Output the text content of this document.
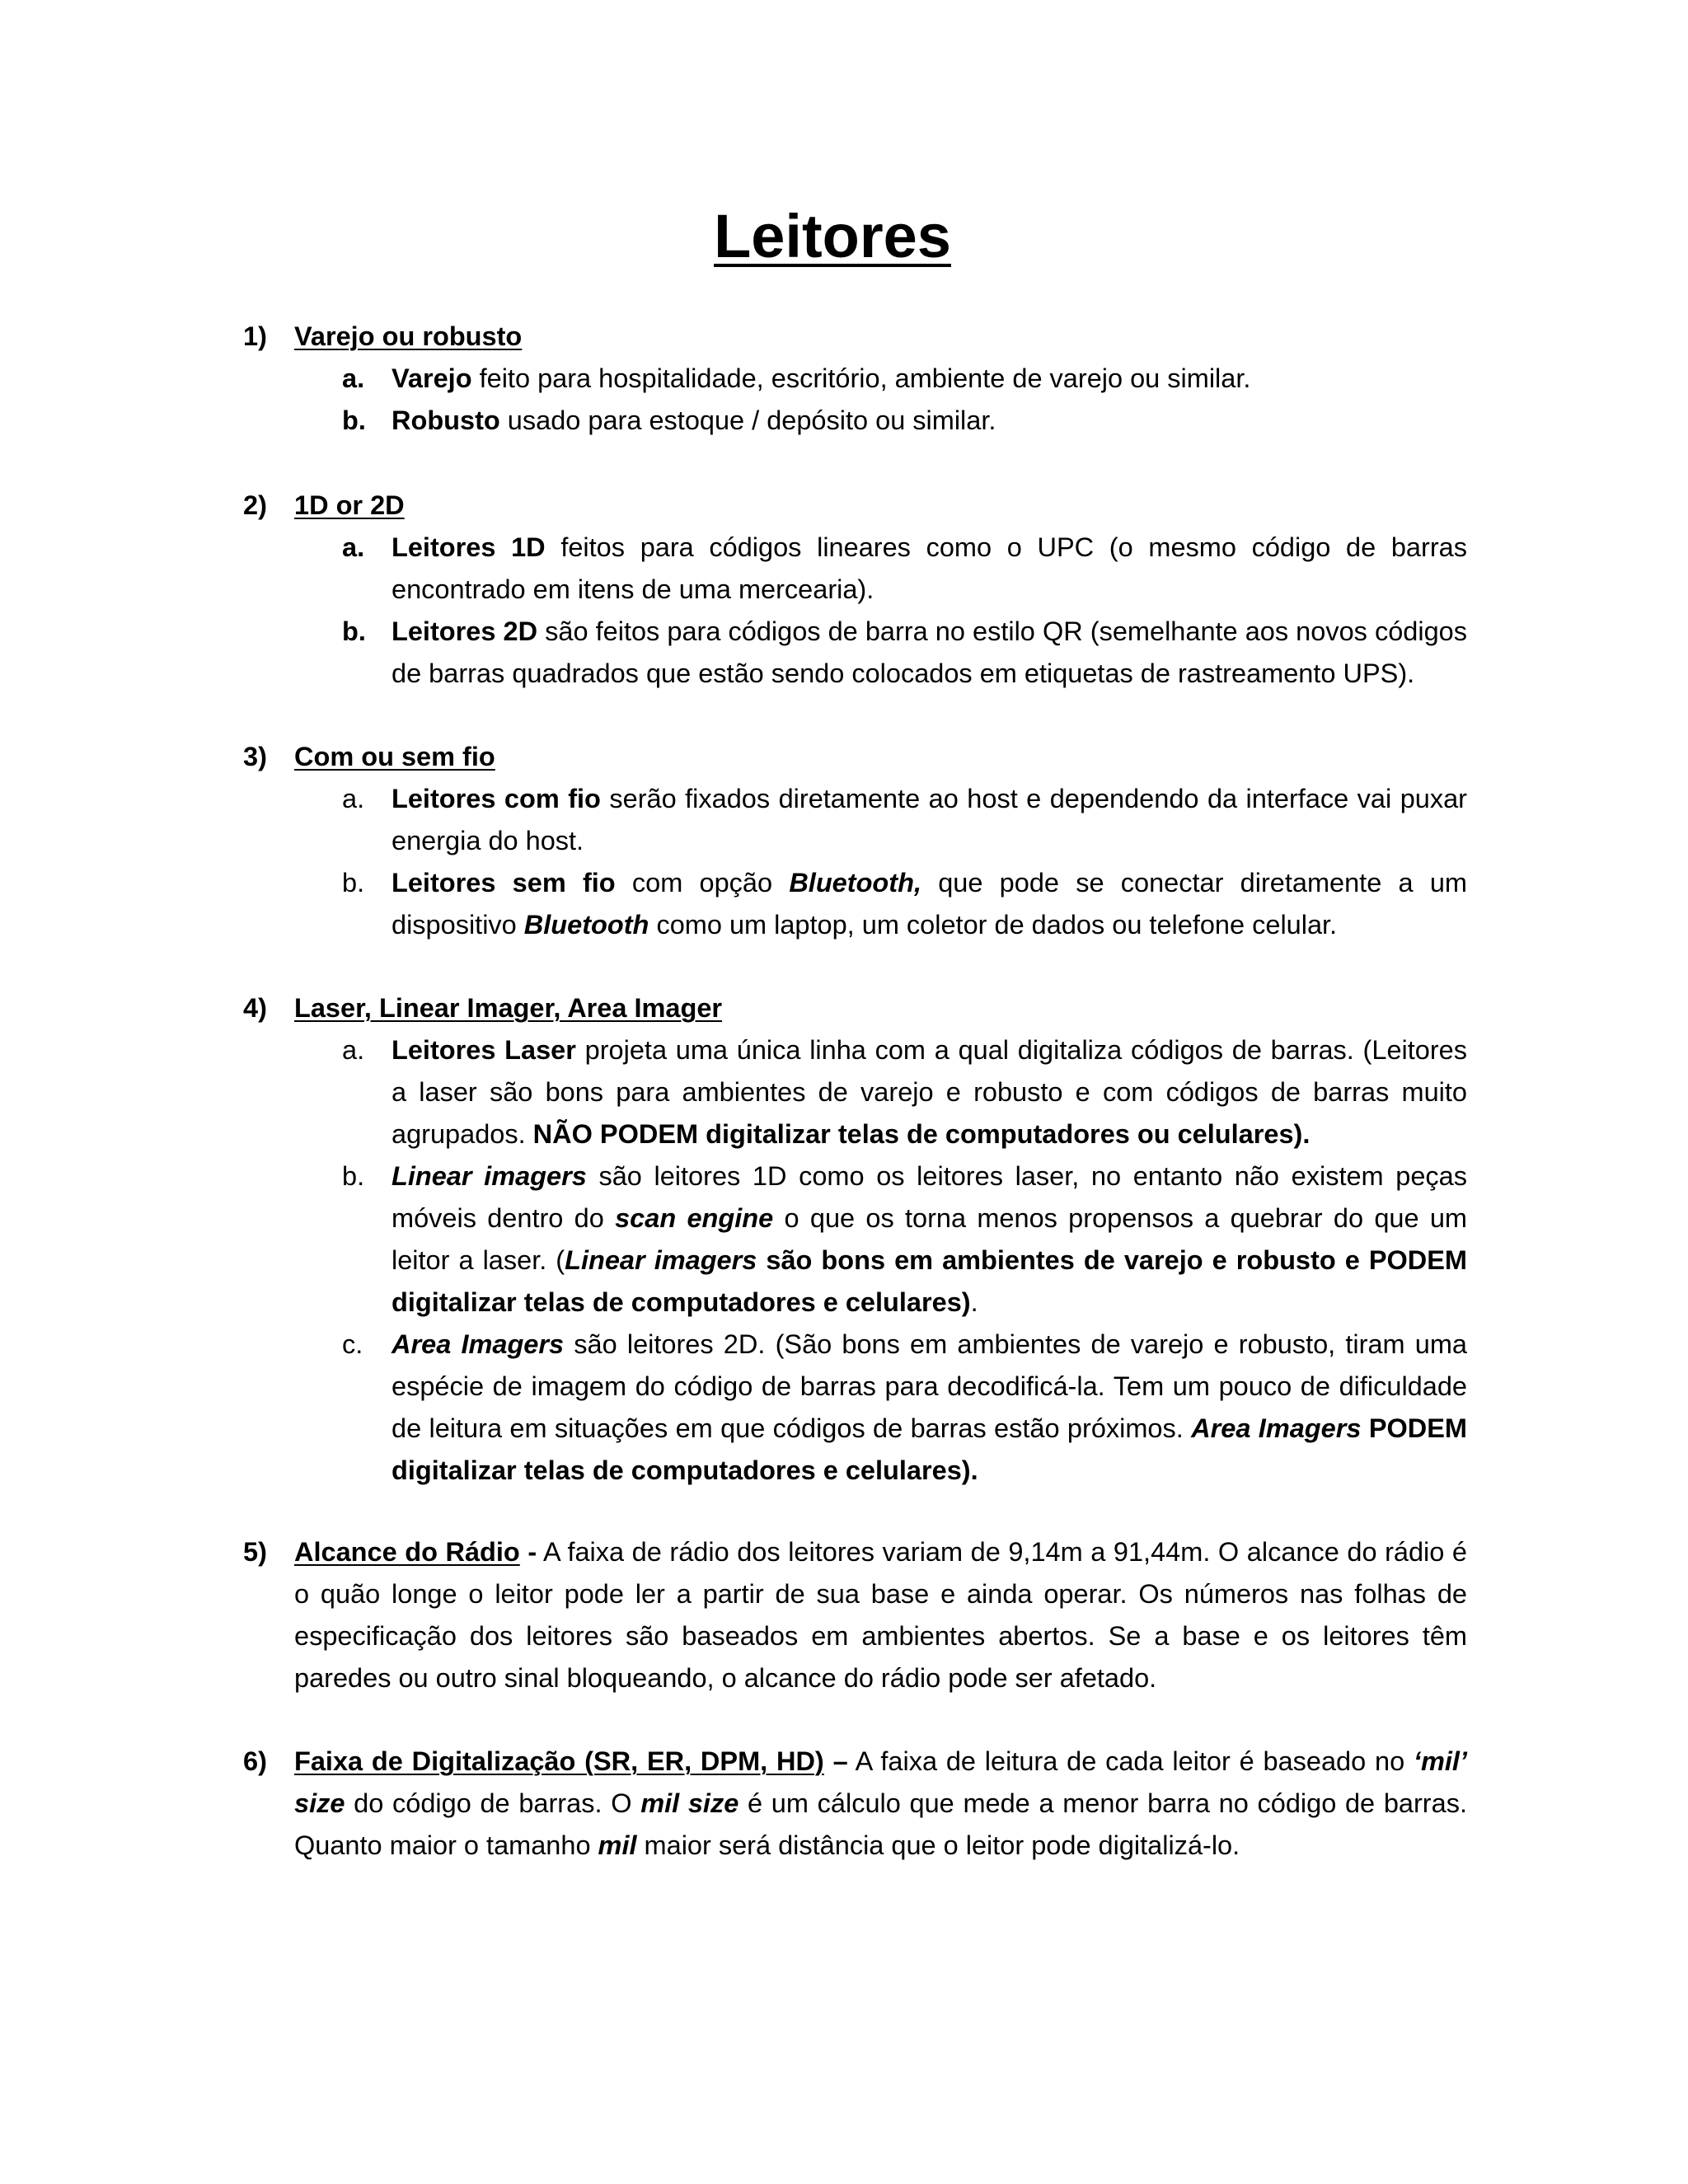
Leitores

1) Varejo ou robusto

a. Varejo feito para hospitalidade, escritório, ambiente de varejo ou similar.
b. Robusto usado para estoque / depósito ou similar.

2) 1D or 2D

a. Leitores 1D feitos para códigos lineares como o UPC (o mesmo código de barras encontrado em itens de uma mercearia).
b. Leitores 2D são feitos para códigos de barra no estilo QR (semelhante aos novos códigos de barras quadrados que estão sendo colocados em etiquetas de rastreamento UPS).

3) Com ou sem fio

a. Leitores com fio serão fixados diretamente ao host e dependendo da interface vai puxar energia do host.
b. Leitores sem fio com opção Bluetooth, que pode se conectar diretamente a um dispositivo Bluetooth como um laptop, um coletor de dados ou telefone celular.

4) Laser, Linear Imager, Area Imager

a. Leitores Laser projeta uma única linha com a qual digitaliza códigos de barras. (Leitores a laser são bons para ambientes de varejo e robusto e com códigos de barras muito agrupados. NÃO PODEM digitalizar telas de computadores ou celulares).
b. Linear imagers são leitores 1D como os leitores laser, no entanto não existem peças móveis dentro do scan engine o que os torna menos propensos a quebrar do que um leitor a laser. (Linear imagers são bons em ambientes de varejo e robusto e PODEM digitalizar telas de computadores e celulares).
c. Area Imagers são leitores 2D. (São bons em ambientes de varejo e robusto, tiram uma espécie de imagem do código de barras para decodificá-la. Tem um pouco de dificuldade de leitura em situações em que códigos de barras estão próximos. Area Imagers PODEM digitalizar telas de computadores e celulares).

5) Alcance do Rádio - A faixa de rádio dos leitores variam de 9,14m a 91,44m. O alcance do rádio é o quão longe o leitor pode ler a partir de sua base e ainda operar. Os números nas folhas de especificação dos leitores são baseados em ambientes abertos. Se a base e os leitores têm paredes ou outro sinal bloqueando, o alcance do rádio pode ser afetado.

6) Faixa de Digitalização (SR, ER, DPM, HD) – A faixa de leitura de cada leitor é baseado no ‘mil’ size do código de barras. O mil size é um cálculo que mede a menor barra no código de barras. Quanto maior o tamanho mil maior será distância que o leitor pode digitalizá-lo.
